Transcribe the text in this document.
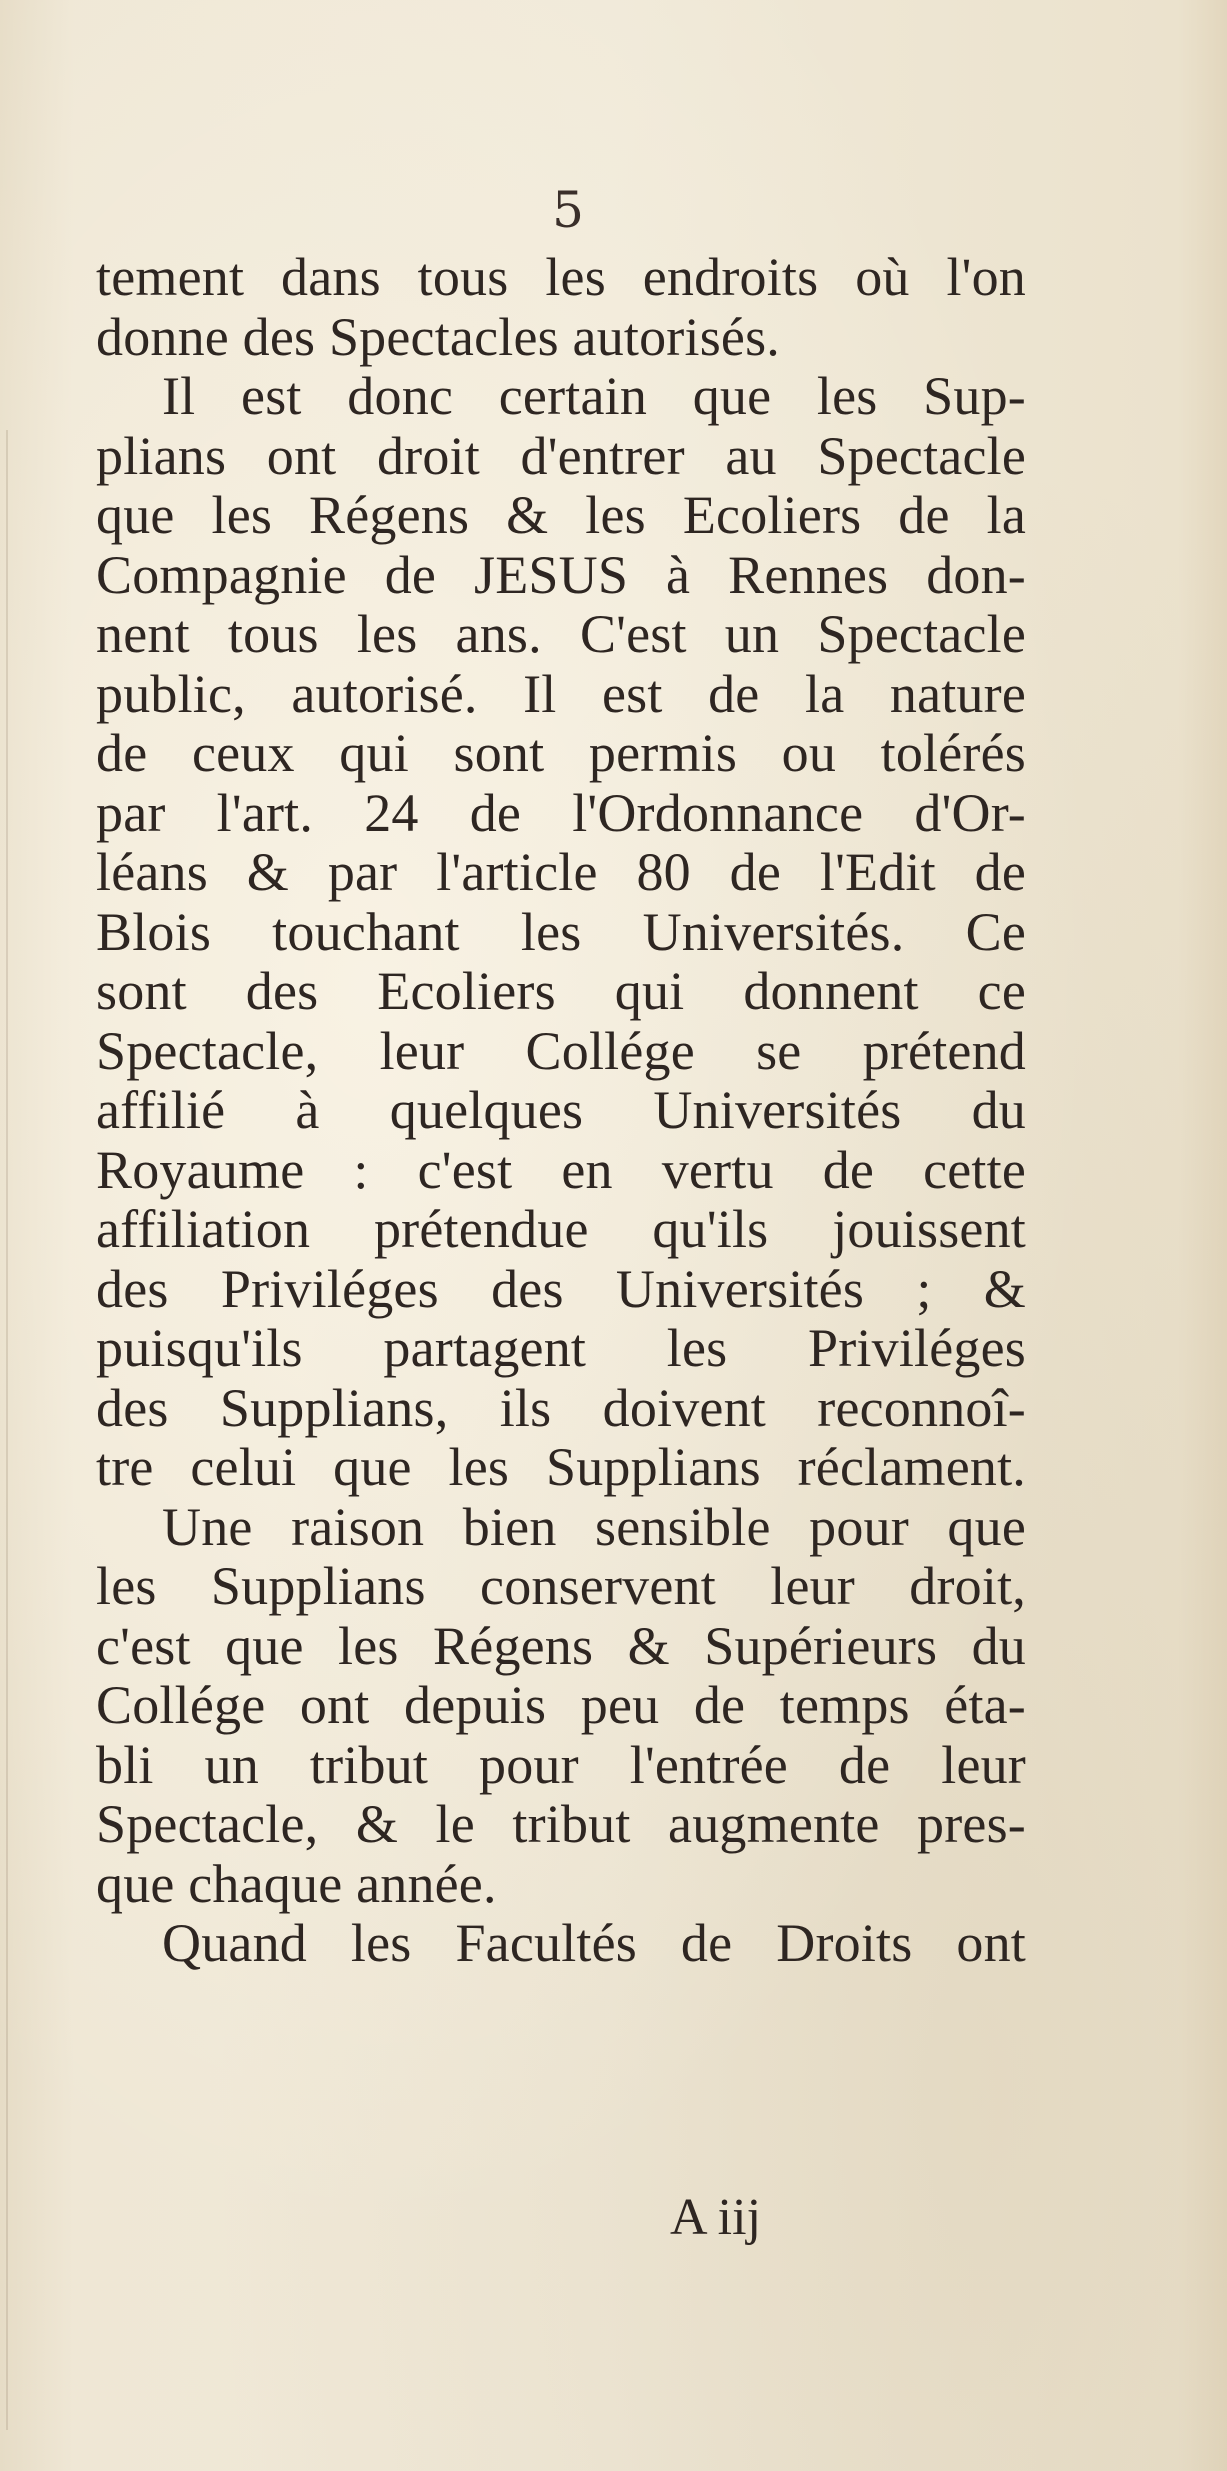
5
tement dans tous les endroits où l'on
donne des Spectacles autorisés.
Il est donc certain que les Sup-
plians ont droit d'entrer au Spectacle
que les Régens & les Ecoliers de la
Compagnie de JESUS à Rennes don-
nent tous les ans. C'est un Spectacle
public, autorisé. Il est de la nature
de ceux qui sont permis ou tolérés
par l'art. 24 de l'Ordonnance d'Or-
léans & par l'article 80 de l'Edit de
Blois touchant les Universités. Ce
sont des Ecoliers qui donnent ce
Spectacle, leur Collége se prétend
affilié à quelques Universités du
Royaume : c'est en vertu de cette
affiliation prétendue qu'ils jouissent
des Priviléges des Universités ; &
puisqu'ils partagent les Priviléges
des Supplians, ils doivent reconnoî-
tre celui que les Supplians réclament.
Une raison bien sensible pour que
les Supplians conservent leur droit,
c'est que les Régens & Supérieurs du
Collége ont depuis peu de temps éta-
bli un tribut pour l'entrée de leur
Spectacle, & le tribut augmente pres-
que chaque année.
Quand les Facultés de Droits ont
A iij
